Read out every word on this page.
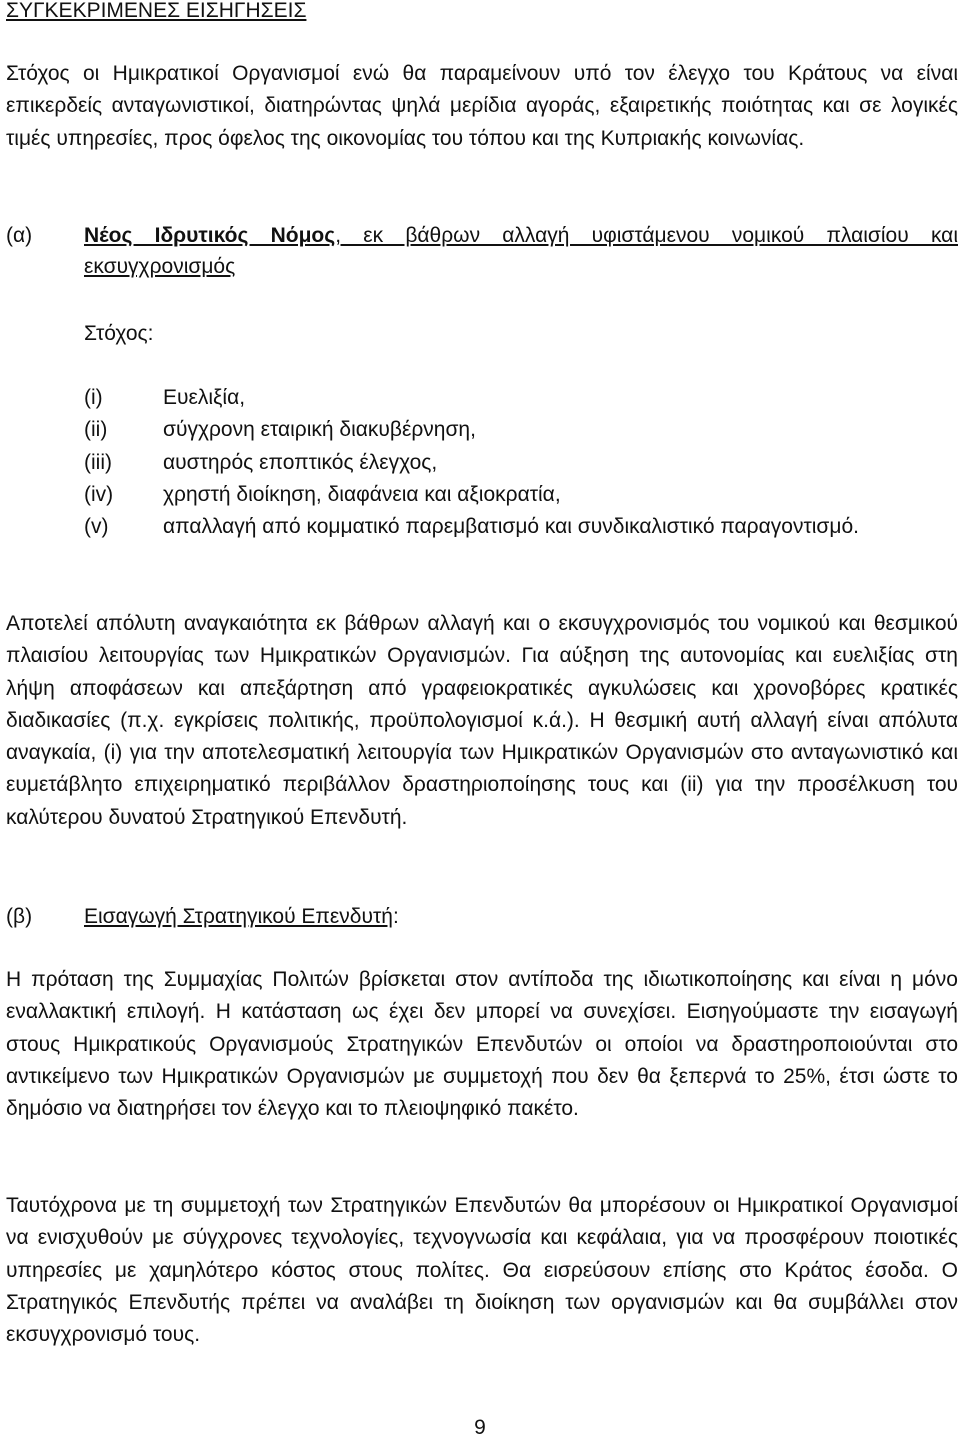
ΣΥΓΚΕΚΡΙΜΕΝΕΣ ΕΙΣΗΓΗΣΕΙΣ
Στόχος οι Ημικρατικοί Οργανισμοί ενώ θα παραμείνουν υπό τον έλεγχο του Κράτους να είναι επικερδείς ανταγωνιστικοί, διατηρώντας ψηλά μερίδια αγοράς, εξαιρετικής ποιότητας και σε λογικές τιμές υπηρεσίες, προς όφελος της οικονομίας του τόπου και της Κυπριακής κοινωνίας.
(α) Νέος Ιδρυτικός Νόμος, εκ βάθρων αλλαγή υφιστάμενου νομικού πλαισίου και εκσυγχρονισμός
Στόχος:
(i)	Ευελιξία,
(ii)	σύγχρονη εταιρική διακυβέρνηση,
(iii) αυστηρός εποπτικός έλεγχος,
(iv) χρηστή διοίκηση, διαφάνεια και αξιοκρατία,
(v)	απαλλαγή από κομματικό παρεμβατισμό και συνδικαλιστικό παραγοντισμό.
Αποτελεί απόλυτη αναγκαιότητα εκ βάθρων αλλαγή και ο εκσυγχρονισμός του νομικού και θεσμικού πλαισίου λειτουργίας των Ημικρατικών Οργανισμών. Για αύξηση της αυτονομίας και ευελιξίας στη λήψη αποφάσεων και απεξάρτηση από γραφειοκρατικές αγκυλώσεις και χρονοβόρες κρατικές διαδικασίες (π.χ. εγκρίσεις πολιτικής, προϋπολογισμοί κ.ά.). Η θεσμική αυτή αλλαγή είναι απόλυτα αναγκαία, (i) για την αποτελεσματική λειτουργία των Ημικρατικών Οργανισμών στο ανταγωνιστικό και ευμετάβλητο επιχειρηματικό περιβάλλον δραστηριοποίησης τους και (ii) για την προσέλκυση του καλύτερου δυνατού Στρατηγικού Επενδυτή.
(β) Εισαγωγή Στρατηγικού Επενδυτή:
Η πρόταση της Συμμαχίας Πολιτών βρίσκεται στον αντίποδα της ιδιωτικοποίησης και είναι η μόνο εναλλακτική επιλογή. Η κατάσταση ως έχει δεν μπορεί να συνεχίσει. Εισηγούμαστε την εισαγωγή στους Ημικρατικούς Οργανισμούς Στρατηγικών Επενδυτών οι οποίοι να δραστηροποιούνται στο αντικείμενο των Ημικρατικών Οργανισμών με συμμετοχή που δεν θα ξεπερνά το 25%, έτσι ώστε το δημόσιο να διατηρήσει τον έλεγχο και το πλειοψηφικό πακέτο.
Ταυτόχρονα με τη συμμετοχή των Στρατηγικών Επενδυτών θα μπορέσουν οι Ημικρατικοί Οργανισμοί να ενισχυθούν με σύγχρονες τεχνολογίες, τεχνογνωσία και κεφάλαια, για να προσφέρουν ποιοτικές υπηρεσίες με χαμηλότερο κόστος στους πολίτες. Θα εισρεύσουν επίσης στο Κράτος έσοδα. Ο Στρατηγικός Επενδυτής πρέπει να αναλάβει τη διοίκηση των οργανισμών και θα συμβάλλει στον εκσυγχρονισμό τους.
9
